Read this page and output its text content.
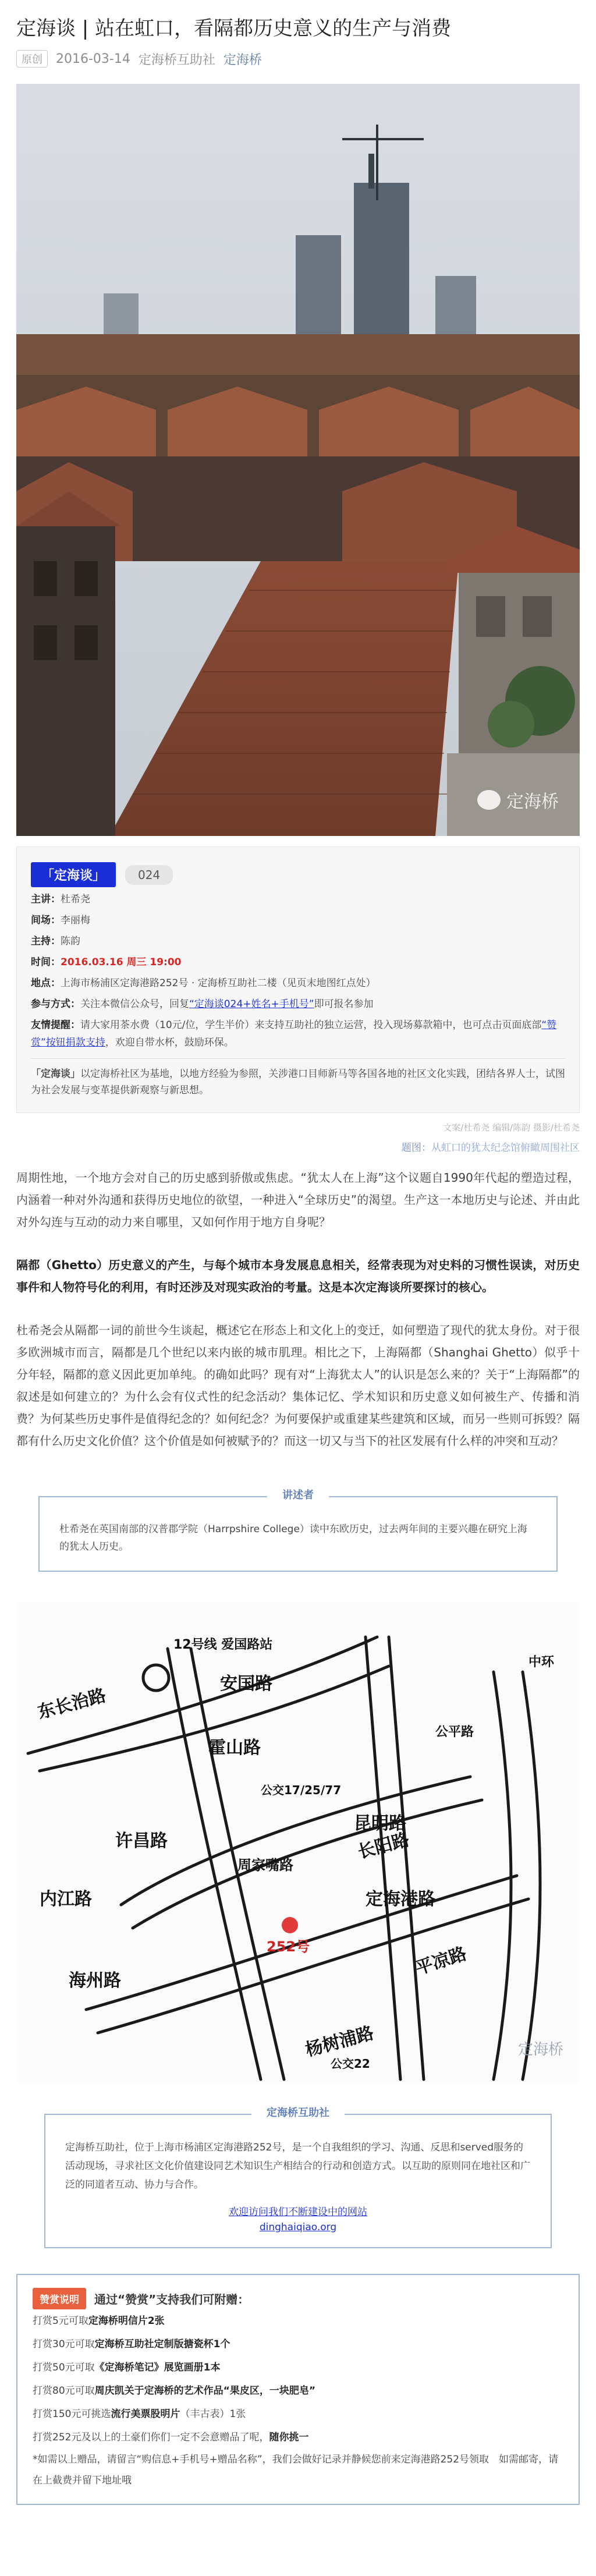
定海谈 | 站在虹口，看隔都历史意义的生产与消费
原创	2016-03-14 定海桥互助社 定海桥
定海桥
「定海谈」	024
主讲：杜希尧
间场：李丽梅
主持：陈韵
时间：2016.03.16 周三 19:00
地点：上海市杨浦区定海港路252号 · 定海桥互助社二楼（见页末地图红点处）
参与方式：关注本微信公众号，回复“定海谈024+姓名+手机号”即可报名参加
友情提醒：请大家用茶水费（10元/位，学生半价）来支持互助社的独立运营，投入现场募款箱中，也可点击页面底部“赞赏”按钮捐款支持，欢迎自带水杯，鼓励环保。
「定海谈」以定海桥社区为基地，以地方经验为参照，关涉港口目师新马等各国各地的社区文化实践，团结各界人士，试图为社会发展与变革提供新观察与新思想。
文案/杜希尧 编辑/陈韵 摄影/杜希尧
题图：从虹口的犹太纪念馆俯瞰周围社区

周期性地，一个地方会对自己的历史感到骄傲或焦虑。“犹太人在上海”这个议题自1990年代起的塑造过程，内涵着一种对外沟通和获得历史地位的欲望，一种进入“全球历史”的渴望。生产这一本地历史与论述、并由此对外勾连与互动的动力来自哪里，又如何作用于地方自身呢？

隔都（Ghetto）历史意义的产生，与每个城市本身发展息息相关，经常表现为对史料的习惯性误读，对历史事件和人物符号化的利用，有时还涉及对现实政治的考量。这是本次定海谈所要探讨的核心。

杜希尧会从隔都一词的前世今生谈起，概述它在形态上和文化上的变迁，如何塑造了现代的犹太身份。对于很多欧洲城市而言，隔都是几个世纪以来内嵌的城市肌理。相比之下，上海隔都（Shanghai Ghetto）似乎十分年轻，隔都的意义因此更加单纯。的确如此吗？现有对“上海犹太人”的认识是怎么来的？关于“上海隔都”的叙述是如何建立的？为什么会有仪式性的纪念活动？集体记忆、学术知识和历史意义如何被生产、传播和消费？为何某些历史事件是值得纪念的？如何纪念？为何要保护或重建某些建筑和区域，而另一些则可拆毁？隔都有什么历史文化价值？这个价值是如何被赋予的？而这一切又与当下的社区发展有什么样的冲突和互动？

讲述者
杜希尧在英国南部的汉普郡学院（Harrpshire College）读中东欧历史，过去两年间的主要兴趣在研究上海的犹太人历史。
东长治路
霍山路
安国路
公平路
昆明路
长阳路
平凉路
定海港路
252号
杨树浦路
内江路
海州路
公交17/25/77
公交22
中环
许昌路
周家嘴路
12号线 爱国路站
定海桥
定海桥互助社
定海桥互助社，位于上海市杨浦区定海港路252号，是一个自我组织的学习、沟通、反思和served服务的活动现场，寻求社区文化价值建设同艺术知识生产相结合的行动和创造方式。以互助的原则同在地社区和广泛的同道者互动、协力与合作。
欢迎访问我们不断建设中的网站
dinghaiqiao.org
赞赏说明	通过“赞赏”支持我们可附赠：
打赏5元可取定海桥明信片2张
打赏30元可取定海桥互助社定制版搪瓷杯1个
打赏50元可取《定海桥笔记》展览画册1本
打赏80元可取周庆凯关于定海桥的艺术作品“果皮区，一块肥皂”
打赏150元可挑选流行美票股明片（丰古表）1张
打赏252元及以上的土豪们你们一定不会意赠品了呢，随你挑一
*如需以上赠品，请留言“购信息+手机号+赠品名称”，我们会做好记录并静候您前来定海港路252号领取　如需邮寄，请在上截费并留下地址哦
